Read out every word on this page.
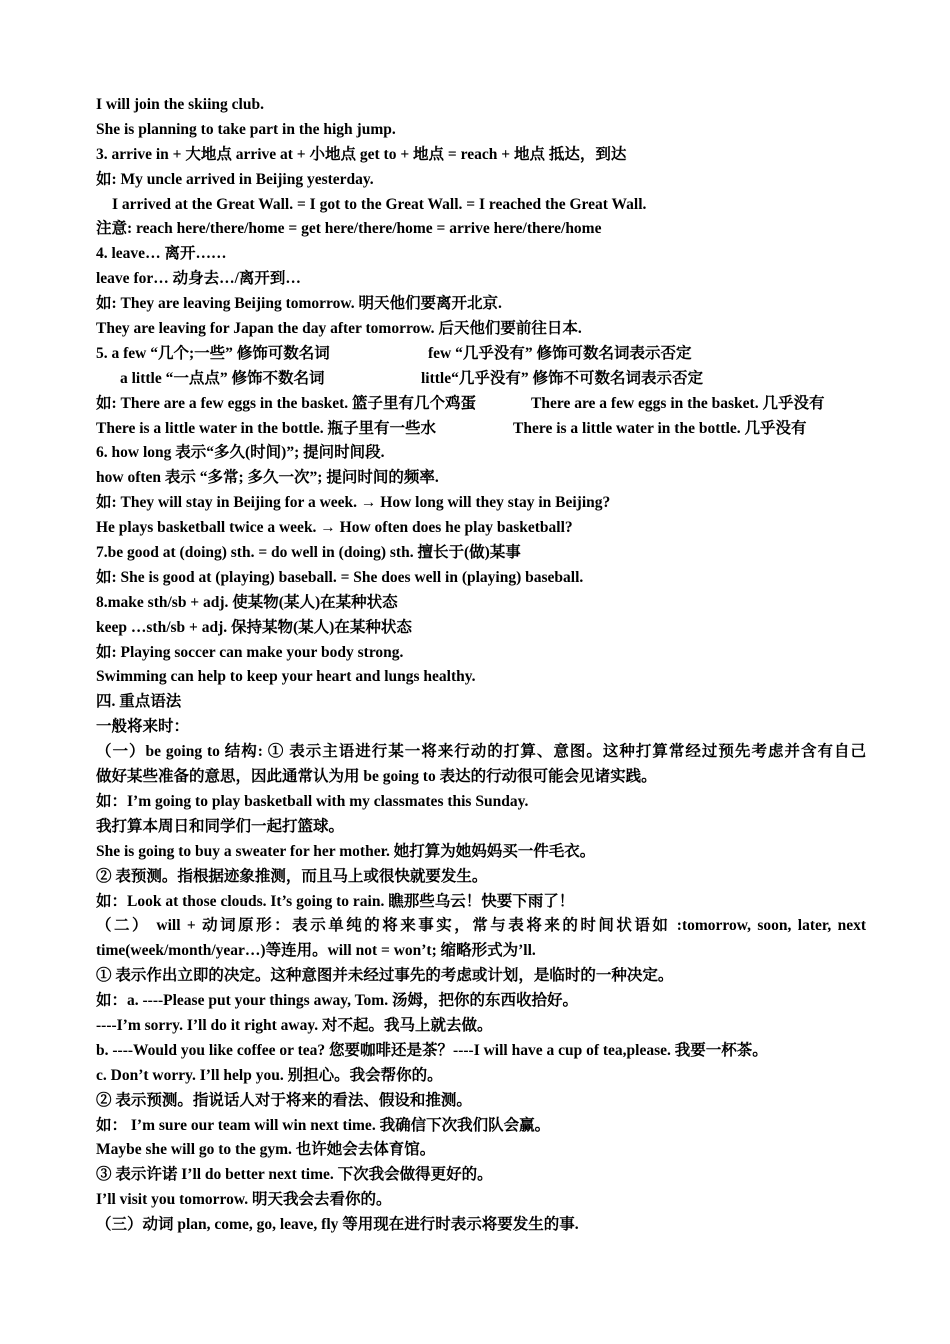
I will join the skiing club.
She is planning to take part in the high jump.
3. arrive in + 大地点 arrive at + 小地点 get to + 地点 = reach + 地点 抵达，到达
如: My uncle arrived in Beijing yesterday.
I arrived at the Great Wall. = I got to the Great Wall. = I reached the Great Wall.
注意: reach here/there/home = get here/there/home = arrive here/there/home
4. leave… 离开……
leave for… 动身去…/离开到…
如: They are leaving Beijing tomorrow. 明天他们要离开北京.
They are leaving for Japan the day after tomorrow. 后天他们要前往日本.
5. a few “几个;一些” 修饰可数名词	few “几乎没有” 修饰可数名词表示否定
a little “一点点” 修饰不数名词	little“几乎没有” 修饰不可数名词表示否定
如: There are a few eggs in the basket. 篮子里有几个鸡蛋	There are a few eggs in the basket. 几乎没有
There is a little water in the bottle. 瓶子里有一些水	There is a little water in the bottle. 几乎没有
6. how long 表示“多久(时间)”; 提问时间段.
how often 表示 “多常; 多久一次”; 提问时间的频率.
如: They will stay in Beijing for a week. → How long will they stay in Beijing?
He plays basketball twice a week. → How often does he play basketball?
7.be good at (doing) sth. = do well in (doing) sth. 擅长于(做)某事
如: She is good at (playing) baseball. = She does well in (playing) baseball.
8.make sth/sb + adj. 使某物(某人)在某种状态
keep …sth/sb + adj. 保持某物(某人)在某种状态
如: Playing soccer can make your body strong.
Swimming can help to keep your heart and lungs healthy.
四. 重点语法
一般将来时：
（一）be going to 结构: ① 表示主语进行某一将来行动的打算、意图。这种打算常经过预先考虑并含有自己
做好某些准备的意思，因此通常认为用 be going to 表达的行动很可能会见诸实践。
如：I’m going to play basketball with my classmates this Sunday.
我打算本周日和同学们一起打篮球。
She is going to buy a sweater for her mother. 她打算为她妈妈买一件毛衣。
② 表预测。指根据迹象推测，而且马上或很快就要发生。
如：Look at those clouds. It’s going to rain. 瞧那些乌云！快要下雨了！
（二） will + 动词原形：表示单纯的将来事实，常与表将来的时间状语如 :tomorrow, soon, later, next
time(week/month/year…)等连用。will not = won’t; 缩略形式为’ll.
① 表示作出立即的决定。这种意图并未经过事先的考虑或计划，是临时的一种决定。
如：a. ----Please put your things away, Tom. 汤姆，把你的东西收拾好。
----I’m sorry. I’ll do it right away. 对不起。我马上就去做。
b. ----Would you like coffee or tea? 您要咖啡还是茶？----I will have a cup of tea,please. 我要一杯茶。
c. Don’t worry. I’ll help you. 别担心。我会帮你的。
② 表示预测。指说话人对于将来的看法、假设和推测。
如： I’m sure our team will win next time. 我确信下次我们队会赢。
Maybe she will go to the gym. 也许她会去体育馆。
③ 表示许诺 I’ll do better next time. 下次我会做得更好的。
I’ll visit you tomorrow. 明天我会去看你的。
（三）动词 plan, come, go, leave, fly 等用现在进行时表示将要发生的事.
